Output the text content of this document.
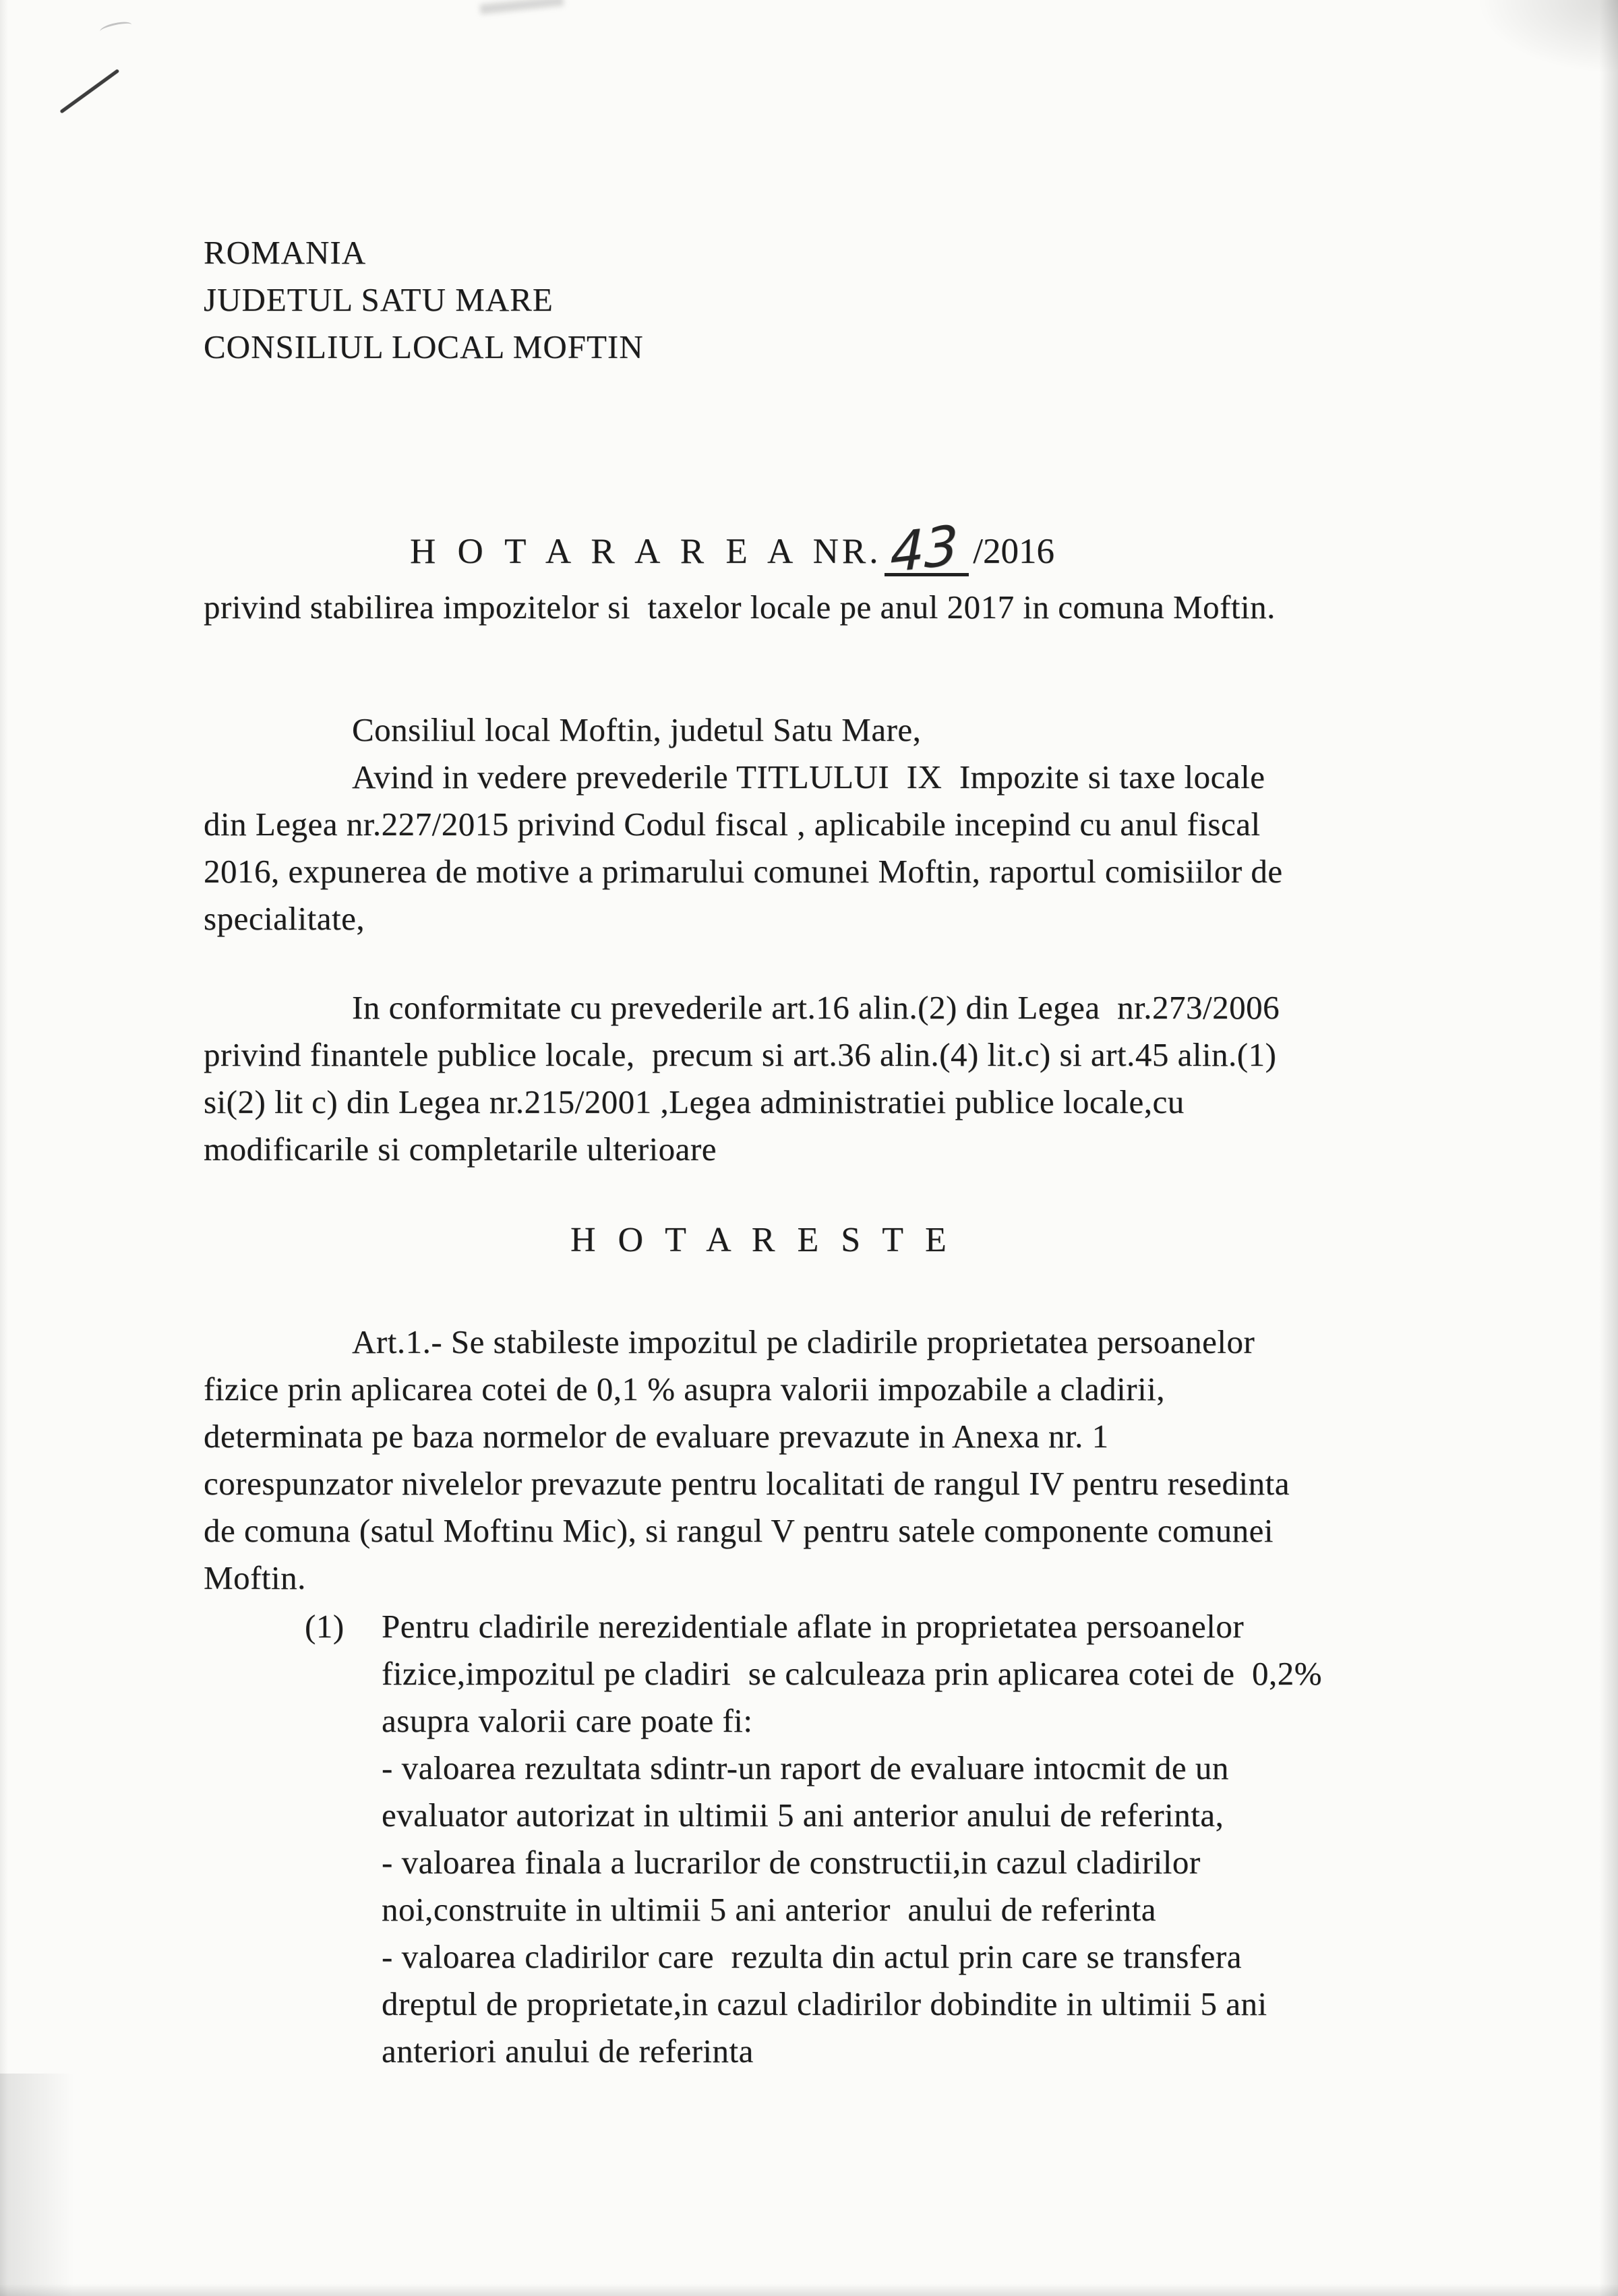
ROMANIA
JUDETUL SATU MARE
CONSILIUL LOCAL MOFTIN
H O T A R A R E A NR. 43 /2016
privind stabilirea impozitelor si  taxelor locale pe anul 2017 in comuna Moftin.
Consiliul local Moftin, judetul Satu Mare,
Avind in vedere prevederile TITLULUI  IX  Impozite si taxe locale
din Legea nr.227/2015 privind Codul fiscal , aplicabile incepind cu anul fiscal
2016, expunerea de motive a primarului comunei Moftin, raportul comisiilor de
specialitate,
In conformitate cu prevederile art.16 alin.(2) din Legea  nr.273/2006
privind finantele publice locale,  precum si art.36 alin.(4) lit.c) si art.45 alin.(1)
si(2) lit c) din Legea nr.215/2001 ,Legea administratiei publice locale,cu
modificarile si completarile ulterioare
H O T A R E S T E
Art.1.- Se stabileste impozitul pe cladirile proprietatea persoanelor
fizice prin aplicarea cotei de 0,1 % asupra valorii impozabile a cladirii,
determinata pe baza normelor de evaluare prevazute in Anexa nr. 1
corespunzator nivelelor prevazute pentru localitati de rangul IV pentru resedinta
de comuna (satul Moftinu Mic), si rangul V pentru satele componente comunei
Moftin.
(1) Pentru cladirile nerezidentiale aflate in proprietatea persoanelor
fizice,impozitul pe cladiri  se calculeaza prin aplicarea cotei de  0,2%
asupra valorii care poate fi:
- valoarea rezultata sdintr-un raport de evaluare intocmit de un
evaluator autorizat in ultimii 5 ani anterior anului de referinta,
- valoarea finala a lucrarilor de constructii,in cazul cladirilor
noi,construite in ultimii 5 ani anterior  anului de referinta
- valoarea cladirilor care  rezulta din actul prin care se transfera
dreptul de proprietate,in cazul cladirilor dobindite in ultimii 5 ani
anteriori anului de referinta
